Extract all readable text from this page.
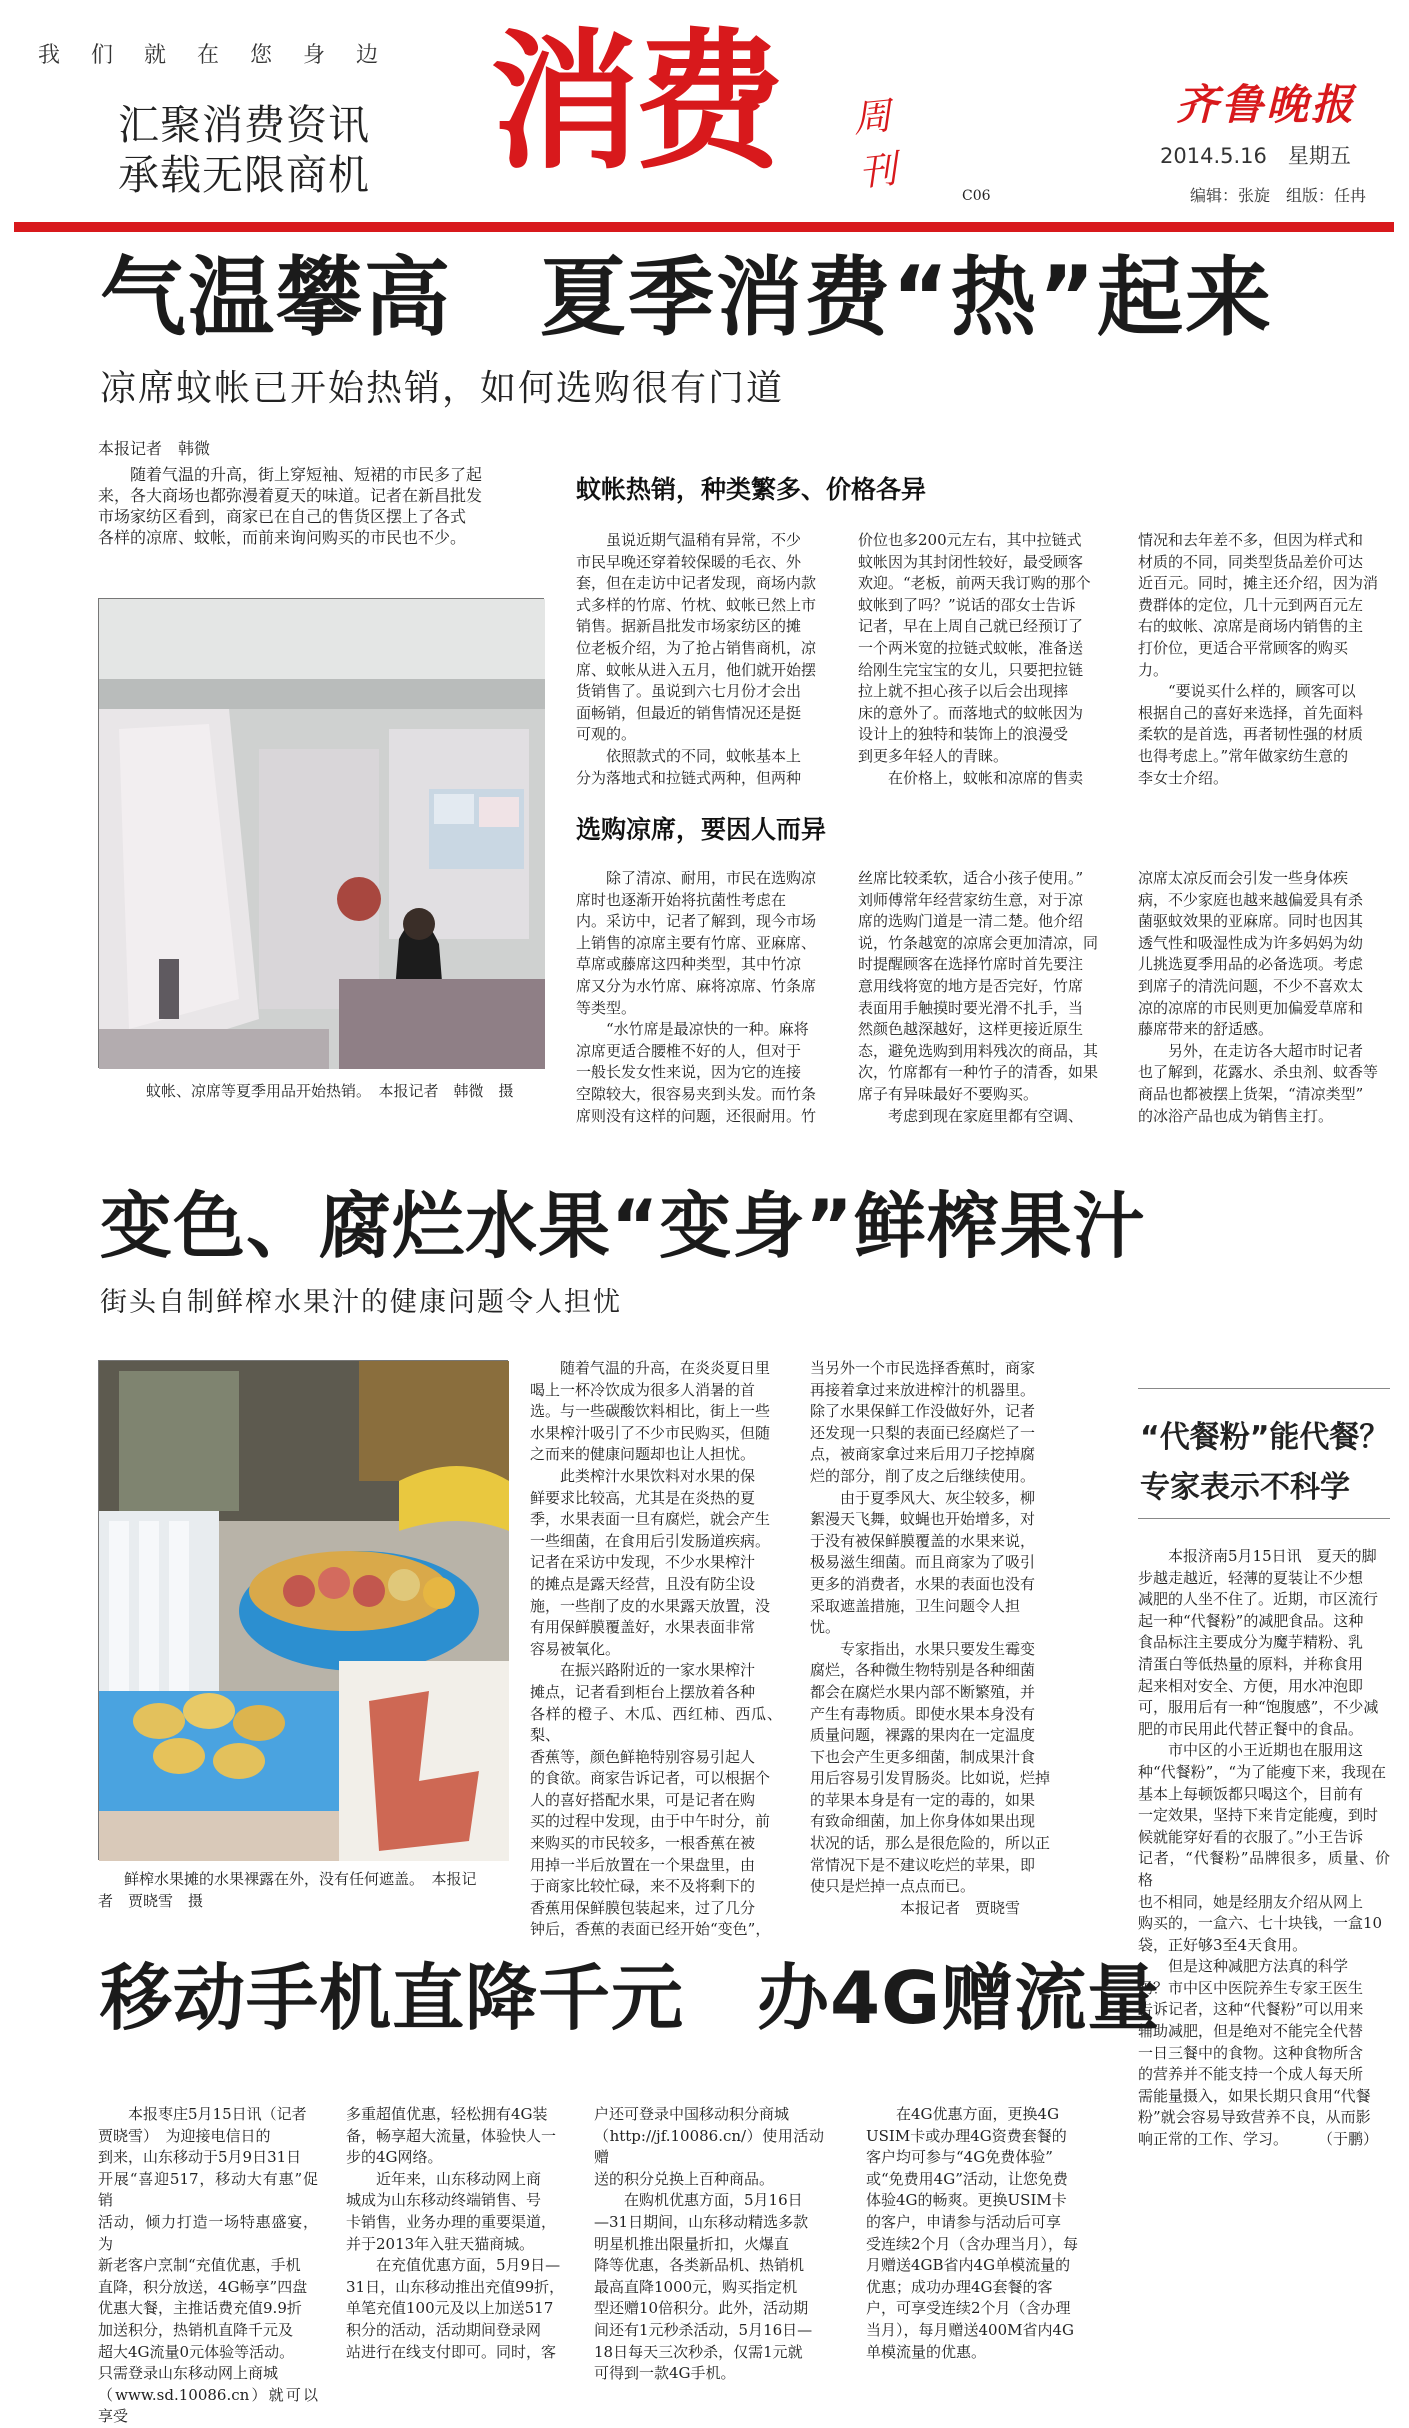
我们就在您身边
汇聚消费资讯
承载无限商机 消费 周刊
C06
齐鲁晚报
2014.5.16　星期五
编辑：张旋　组版：任冉
气温攀高　夏季消费“热”起来
凉席蚊帐已开始热销，如何选购很有门道
本报记者　韩微
随着气温的升高，街上穿短袖、短裙的市民多了起
来，各大商场也都弥漫着夏天的味道。记者在新昌批发
市场家纺区看到，商家已在自己的售货区摆上了各式
各样的凉席、蚊帐，而前来询问购买的市民也不少。
蚊帐、凉席等夏季用品开始热销。　本报记者　韩微　摄
蚊帐热销，种类繁多、价格各异
虽说近期气温稍有异常，不少
市民早晚还穿着较保暖的毛衣、外
套，但在走访中记者发现，商场内款
式多样的竹席、竹枕、蚊帐已然上市
销售。据新昌批发市场家纺区的摊
位老板介绍，为了抢占销售商机，凉
席、蚊帐从进入五月，他们就开始摆
货销售了。虽说到六七月份才会出
面畅销，但最近的销售情况还是挺
可观的。
依照款式的不同，蚊帐基本上
分为落地式和拉链式两种，但两种
价位也多200元左右，其中拉链式
蚊帐因为其封闭性较好，最受顾客
欢迎。“老板，前两天我订购的那个
蚊帐到了吗？”说话的邵女士告诉
记者，早在上周自己就已经预订了
一个两米宽的拉链式蚊帐，准备送
给刚生完宝宝的女儿，只要把拉链
拉上就不担心孩子以后会出现摔
床的意外了。而落地式的蚊帐因为
设计上的独特和装饰上的浪漫受
到更多年轻人的青睐。
在价格上，蚊帐和凉席的售卖
情况和去年差不多，但因为样式和
材质的不同，同类型货品差价可达
近百元。同时，摊主还介绍，因为消
费群体的定位，几十元到两百元左
右的蚊帐、凉席是商场内销售的主
打价位，更适合平常顾客的购买
力。
“要说买什么样的，顾客可以
根据自己的喜好来选择，首先面料
柔软的是首选，再者韧性强的材质
也得考虑上。”常年做家纺生意的
李女士介绍。
选购凉席，要因人而异
除了清凉、耐用，市民在选购凉
席时也逐渐开始将抗菌性考虑在
内。采访中，记者了解到，现今市场
上销售的凉席主要有竹席、亚麻席、
草席或藤席这四种类型，其中竹凉
席又分为水竹席、麻将凉席、竹条席
等类型。
“水竹席是最凉快的一种。麻将
凉席更适合腰椎不好的人，但对于
一般长发女性来说，因为它的连接
空隙较大，很容易夹到头发。而竹条
席则没有这样的问题，还很耐用。竹
丝席比较柔软，适合小孩子使用。”
刘师傅常年经营家纺生意，对于凉
席的选购门道是一清二楚。他介绍
说，竹条越宽的凉席会更加清凉，同
时提醒顾客在选择竹席时首先要注
意用线将宽的地方是否完好，竹席
表面用手触摸时要光滑不扎手，当
然颜色越深越好，这样更接近原生
态，避免选购到用料残次的商品，其
次，竹席都有一种竹子的清香，如果
席子有异味最好不要购买。
考虑到现在家庭里都有空调、
凉席太凉反而会引发一些身体疾
病，不少家庭也越来越偏爱具有杀
菌驱蚊效果的亚麻席。同时也因其
透气性和吸湿性成为许多妈妈为幼
儿挑选夏季用品的必备选项。考虑
到席子的清洗问题，不少不喜欢太
凉的凉席的市民则更加偏爱草席和
藤席带来的舒适感。
另外，在走访各大超市时记者
也了解到，花露水、杀虫剂、蚊香等
商品也都被摆上货架，“清凉类型”
的冰浴产品也成为销售主打。
变色、腐烂水果“变身”鲜榨果汁
街头自制鲜榨水果汁的健康问题令人担忧
鲜榨水果摊的水果裸露在外，没有任何遮盖。　本报记
者　贾晓雪　摄
随着气温的升高，在炎炎夏日里
喝上一杯冷饮成为很多人消暑的首
选。与一些碳酸饮料相比，街上一些
水果榨汁吸引了不少市民购买，但随
之而来的健康问题却也让人担忧。
此类榨汁水果饮料对水果的保
鲜要求比较高，尤其是在炎热的夏
季，水果表面一旦有腐烂，就会产生
一些细菌，在食用后引发肠道疾病。
记者在采访中发现，不少水果榨汁
的摊点是露天经营，且没有防尘设
施，一些削了皮的水果露天放置，没
有用保鲜膜覆盖好，水果表面非常
容易被氧化。
在振兴路附近的一家水果榨汁
摊点，记者看到柜台上摆放着各种
各样的橙子、木瓜、西红柿、西瓜、梨、
香蕉等，颜色鲜艳特别容易引起人
的食欲。商家告诉记者，可以根据个
人的喜好搭配水果，可是记者在购
买的过程中发现，由于中午时分，前
来购买的市民较多，一根香蕉在被
用掉一半后放置在一个果盘里，由
于商家比较忙碌，来不及将剩下的
香蕉用保鲜膜包装起来，过了几分
钟后，香蕉的表面已经开始“变色”，
当另外一个市民选择香蕉时，商家
再接着拿过来放进榨汁的机器里。
除了水果保鲜工作没做好外，记者
还发现一只梨的表面已经腐烂了一
点，被商家拿过来后用刀子挖掉腐
烂的部分，削了皮之后继续使用。
由于夏季风大、灰尘较多，柳
絮漫天飞舞，蚊蝇也开始增多，对
于没有被保鲜膜覆盖的水果来说，
极易滋生细菌。而且商家为了吸引
更多的消费者，水果的表面也没有
采取遮盖措施，卫生问题令人担
忧。
专家指出，水果只要发生霉变
腐烂，各种微生物特别是各种细菌
都会在腐烂水果内部不断繁殖，并
产生有毒物质。即使水果本身没有
质量问题，裸露的果肉在一定温度
下也会产生更多细菌，制成果汁食
用后容易引发胃肠炎。比如说，烂掉
的苹果本身是有一定的毒的，如果
有致命细菌，加上你身体如果出现
状况的话，那么是很危险的，所以正
常情况下是不建议吃烂的苹果，即
使只是烂掉一点点而已。
本报记者　贾晓雪
“代餐粉”能代餐？
专家表示不科学
本报济南5月15日讯　夏天的脚
步越走越近，轻薄的夏装让不少想
减肥的人坐不住了。近期，市区流行
起一种“代餐粉”的减肥食品。这种
食品标注主要成分为魔芋精粉、乳
清蛋白等低热量的原料，并称食用
起来相对安全、方便，用水冲泡即
可，服用后有一种“饱腹感”，不少减
肥的市民用此代替正餐中的食品。
市中区的小王近期也在服用这
种“代餐粉”，“为了能瘦下来，我现在
基本上每顿饭都只喝这个，目前有
一定效果，坚持下来肯定能瘦，到时
候就能穿好看的衣服了。”小王告诉
记者，“代餐粉”品牌很多，质量、价格
也不相同，她是经朋友介绍从网上
购买的，一盒六、七十块钱，一盒10
袋，正好够3至4天食用。
但是这种减肥方法真的科学
吗？市中区中医院养生专家王医生
告诉记者，这种“代餐粉”可以用来
辅助减肥，但是绝对不能完全代替
一日三餐中的食物。这种食物所含
的营养并不能支持一个成人每天所
需能量摄入，如果长期只食用“代餐
粉”就会容易导致营养不良，从而影
响正常的工作、学习。　　　（于鹏）
移动手机直降千元　办4G赠流量
本报枣庄5月15日讯（记者
贾晓雪）　为迎接电信日的
到来，山东移动于5月9日31日
开展“喜迎517，移动大有惠”促销
活动，倾力打造一场特惠盛宴，为
新老客户烹制“充值优惠，手机
直降，积分放送，4G畅享”四盘
优惠大餐，主推话费充值9.9折
加送积分，热销机直降千元及
超大4G流量0元体验等活动。
只需登录山东移动网上商城
（www.sd.10086.cn）就可以享受
多重超值优惠，轻松拥有4G装
备，畅享超大流量，体验快人一
步的4G网络。
近年来，山东移动网上商
城成为山东移动终端销售、号
卡销售，业务办理的重要渠道，
并于2013年入驻天猫商城。
在充值优惠方面，5月9日—
31日，山东移动推出充值99折，
单笔充值100元及以上加送517
积分的活动，活动期间登录网
站进行在线支付即可。同时，客
户还可登录中国移动积分商城
（http://jf.10086.cn/）使用活动赠
送的积分兑换上百种商品。
在购机优惠方面，5月16日
—31日期间，山东移动精选多款
明星机推出限量折扣，火爆直
降等优惠，各类新品机、热销机
最高直降1000元，购买指定机
型还赠10倍积分。此外，活动期
间还有1元秒杀活动，5月16日—
18日每天三次秒杀，仅需1元就
可得到一款4G手机。
在4G优惠方面，更换4G
USIM卡或办理4G资费套餐的
客户均可参与“4G免费体验”
或“免费用4G”活动，让您免费
体验4G的畅爽。更换USIM卡
的客户，申请参与活动后可享
受连续2个月（含办理当月），每
月赠送4GB省内4G单模流量的
优惠；成功办理4G套餐的客
户，可享受连续2个月（含办理
当月），每月赠送400M省内4G
单模流量的优惠。
